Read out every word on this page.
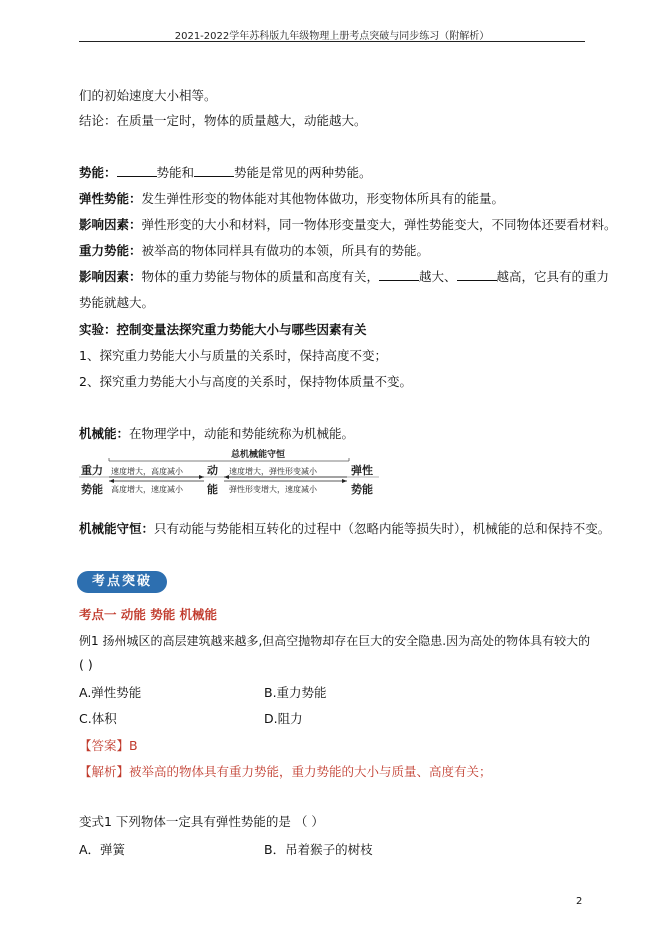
2021-2022学年苏科版九年级物理上册考点突破与同步练习（附解析）
们的初始速度大小相等。
结论：在质量一定时，物体的质量越大，动能越大。
势能：	势能和	势能是常见的两种势能。
弹性势能：发生弹性形变的物体能对其他物体做功，形变物体所具有的能量。
影响因素：弹性形变的大小和材料，同一物体形变量变大，弹性势能变大，不同物体还要看材料。
重力势能：被举高的物体同样具有做功的本领，所具有的势能。
影响因素：物体的重力势能与物体的质量和高度有关，	越大、	越高，它具有的重力
势能就越大。
实验：控制变量法探究重力势能大小与哪些因素有关
1、探究重力势能大小与质量的关系时，保持高度不变；
2、探究重力势能大小与高度的关系时，保持物体质量不变。
机械能：在物理学中，动能和势能统称为机械能。
总机械能守恒
重力
势能
动
能
弹性
势能
速度增大，高度减小
高度增大，速度减小
速度增大，弹性形变减小
弹性形变增大，速度减小
机械能守恒：只有动能与势能相互转化的过程中（忽略内能等损失时），机械能的总和保持不变。
考点突破
考点一 动能 势能 机械能
例1 扬州城区的高层建筑越来越多,但高空抛物却存在巨大的安全隐患.因为高处的物体具有较大的
( )
A.弹性势能	B.重力势能
C.体积	D.阻力
【答案】B
【解析】被举高的物体具有重力势能，重力势能的大小与质量、高度有关；
变式1 下列物体一定具有弹性势能的是 （ ）
A．弹簧	B．吊着猴子的树枝
2
